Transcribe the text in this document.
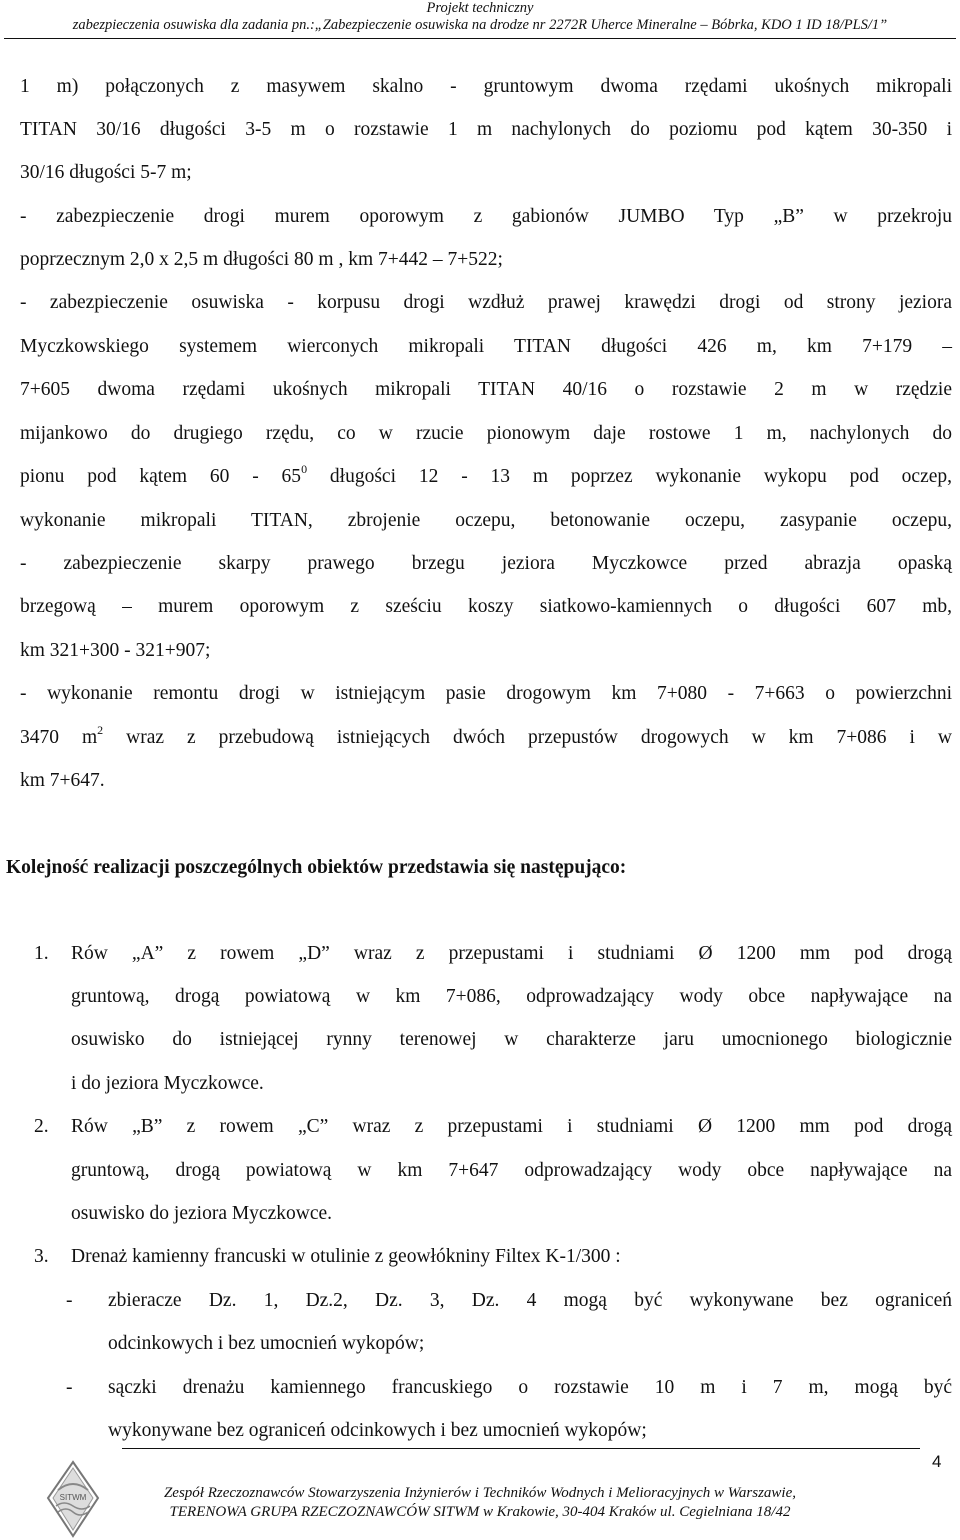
Projekt techniczny
zabezpieczenia osuwiska dla zadania pn.:„Zabezpieczenie osuwiska na drodze nr 2272R Uherce Mineralne – Bóbrka, KDO 1 ID 18/PLS/1”
1 m) połączonych z masywem skalno - gruntowym dwoma rzędami ukośnych mikropali
TITAN 30/16 długości 3-5 m o rozstawie 1 m nachylonych do poziomu pod kątem 30-350 i
30/16 długości 5-7 m;
- zabezpieczenie drogi murem oporowym z gabionów JUMBO Typ „B” w przekroju
poprzecznym 2,0 x 2,5 m długości 80 m , km 7+442 – 7+522;
- zabezpieczenie osuwiska - korpusu drogi wzdłuż prawej krawędzi drogi od strony jeziora
Myczkowskiego systemem wierconych mikropali TITAN długości 426 m, km 7+179 –
7+605 dwoma rzędami ukośnych mikropali TITAN 40/16 o rozstawie 2 m w rzędzie
mijankowo do drugiego rzędu, co w rzucie pionowym daje rostowe 1 m, nachylonych do
pionu pod kątem $60 - 65^0$ długości 12 - 13 m poprzez wykonanie wykopu pod oczep,
wykonanie mikropali TITAN, zbrojenie oczepu, betonowanie oczepu, zasypanie oczepu,
- zabezpieczenie skarpy prawego brzegu jeziora Myczkowce przed abrazja opaską
brzegową – murem oporowym z sześciu koszy siatkowo-kamiennych o długości 607 mb,
km 321+300 - 321+907;
- wykonanie remontu drogi w istniejącym pasie drogowym km 7+080 - 7+663 o powierzchni
3470 $m^2$ wraz z przebudową istniejących dwóch przepustów drogowych w km 7+086 i w
km 7+647.
Kolejność realizacji poszczególnych obiektów przedstawia się następująco:
1.	Rów „A” z rowem „D” wraz z przepustami i studniami Ø 1200 mm pod drogą
gruntową, drogą powiatową w km 7+086, odprowadzający wody obce napływające na
osuwisko do istniejącej rynny terenowej w charakterze jaru umocnionego biologicznie
i do jeziora Myczkowce.
2.	Rów „B” z rowem „C” wraz z przepustami i studniami Ø 1200 mm pod drogą
gruntową, drogą powiatową w km 7+647 odprowadzający wody obce napływające na
osuwisko do jeziora Myczkowce.
3.	Drenaż kamienny francuski w otulinie z geowłókniny Filtex K-1/300 :
-	zbieracze Dz. 1, Dz.2, Dz. 3, Dz. 4 mogą być wykonywane bez ograniceń
odcinkowych i bez umocnień wykopów;
-	sączki drenażu kamiennego francuskiego o rozstawie 10 m i 7 m, mogą być
wykonywane bez ograniceń odcinkowych i bez umocnień wykopów;
4
SITWM	Zespół Rzeczoznawców Stowarzyszenia Inżynierów i Techników Wodnych i Melioracyjnych w Warszawie,
TERENOWA GRUPA RZECZOZNAWCÓW SITWM w Krakowie, 30-404 Kraków ul. Cegielniana 18/42
